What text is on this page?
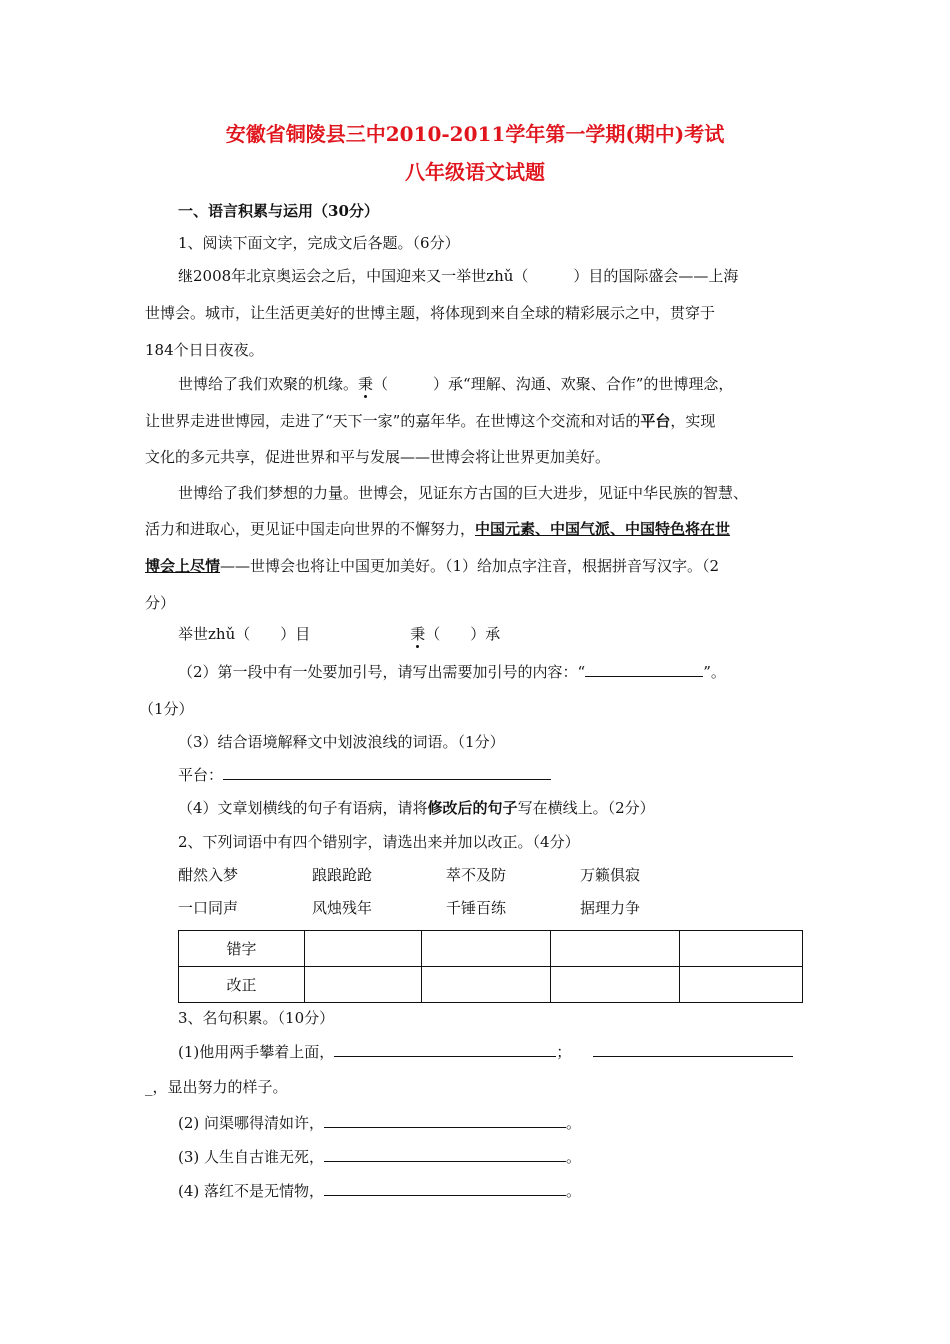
安徽省铜陵县三中2010-2011学年第一学期(期中)考试
八年级语文试题
一、语言积累与运用（30分）
1、阅读下面文字，完成文后各题。（6分）
继2008年北京奥运会之后，中国迎来又一举世zhǔ（　　　）目的国际盛会——上海
世博会。城市，让生活更美好的世博主题，将体现到来自全球的精彩展示之中，贯穿于
184个日日夜夜。
世博给了我们欢聚的机缘。秉（　　　）承“理解、沟通、欢聚、合作”的世博理念，
让世界走进世博园，走进了“天下一家”的嘉年华。在世博这个交流和对话的平台，实现
文化的多元共享，促进世界和平与发展——世博会将让世界更加美好。
世博给了我们梦想的力量。世博会，见证东方古国的巨大进步，见证中华民族的智慧、
活力和进取心，更见证中国走向世界的不懈努力，中国元素、中国气派、中国特色将在世
博会上尽情——世博会也将让中国更加美好。（1）给加点字注音，根据拼音写汉字。（2
分）
举世zhǔ（　　）目	秉（　　）承
（2）第一段中有一处要加引号，请写出需要加引号的内容：“	”。
（1分）
（3）结合语境解释文中划波浪线的词语。（1分）
平台：
（4）文章划横线的句子有语病，请将修改后的句子写在横线上。（2分）
2、下列词语中有四个错别字，请选出来并加以改正。（4分）
酣然入梦	踉踉跄跄	萃不及防	万籁俱寂
一口同声	风烛残年	千锤百练	据理力争
错字				
改正				
3、名句积累。（10分）
(1)他用两手攀着上面，	；
_，显出努力的样子。
(2) 问渠哪得清如许，	。
(3) 人生自古谁无死，	。
(4) 落红不是无情物，	。
